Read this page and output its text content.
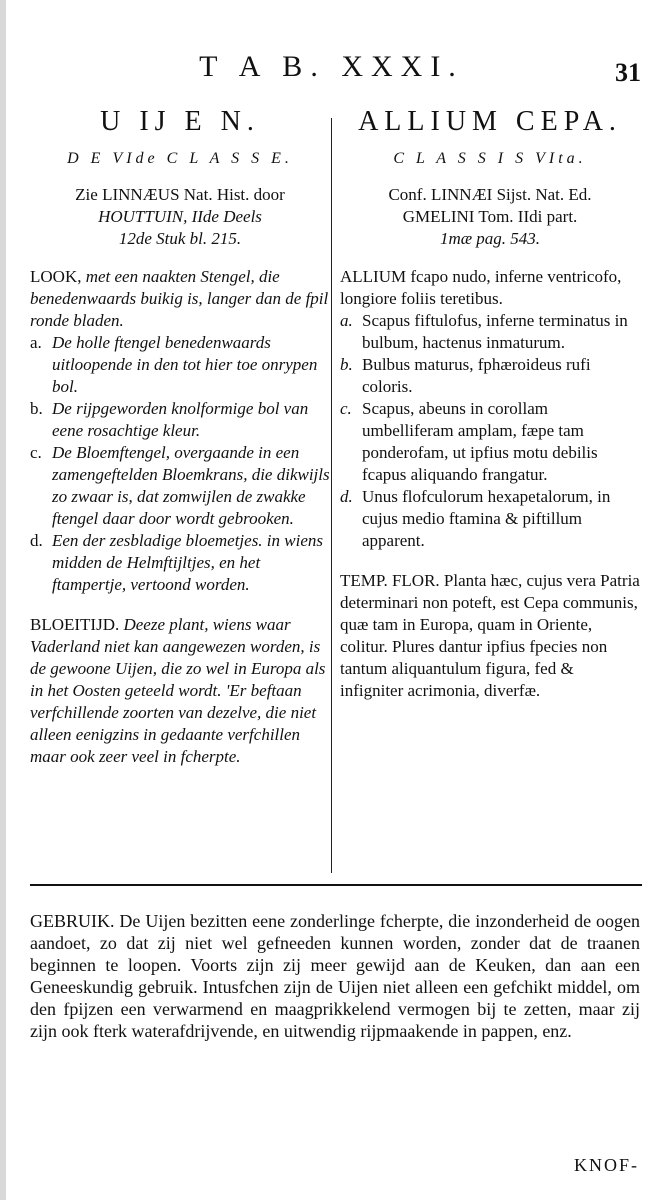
T A B. XXXI.	31
U IJ E N.
D E VIde C L A S S E.
Zie LINNÆUS Nat. Hist. door
HOUTTUIN, IIde Deels
12de Stuk bl. 215.
LOOK, met een naakten Stengel, die benedenwaards buikig is, langer dan de fpil ronde bladen.
a. De holle ftengel benedenwaards uitloopende in den tot hier toe onrypen bol.
b. De rijpgeworden knolformige bol van eene rosachtige kleur.
c. De Bloemftengel, overgaande in een zamengeftelden Bloemkrans, die dikwijls zo zwaar is, dat zomwijlen de zwakke ftengel daar door wordt gebrooken.
d. Een der zesbladige bloemetjes. in wiens midden de Helmftijltjes, en het ftampertje, vertoond worden.
BLOEITIJD. Deeze plant, wiens waar Vaderland niet kan aangewezen worden, is de gewoone Uijen, die zo wel in Europa als in het Oosten geteeld wordt. 'Er beftaan verfchillende zoorten van dezelve, die niet alleen eenigzins in gedaante verfchillen maar ook zeer veel in fcherpte.
ALLIUM CEPA.
C L A S S I S VIta.
Conf. LINNÆI Sijst. Nat. Ed.
GMELINI Tom. IIdi part.
1mæ pag. 543.
ALLIUM fcapo nudo, inferne ventricofo, longiore foliis teretibus.
a. Scapus fiftulofus, inferne terminatus in bulbum, hactenus inmaturum.
b. Bulbus maturus, fphæroideus rufi coloris.
c. Scapus, abeuns in corollam umbelliferam amplam, fæpe tam ponderofam, ut ipfius motu debilis fcapus aliquando frangatur.
d. Unus flofculorum hexapetalorum, in cujus medio ftamina & piftillum apparent.
TEMP. FLOR. Planta hæc, cujus vera Patria determinari non poteft, est Cepa communis, quæ tam in Europa, quam in Oriente, colitur. Plures dantur ipfius fpecies non tantum aliquantulum figura, fed & infigniter acrimonia, diverfæ.
GEBRUIK. De Uijen bezitten eene zonderlinge fcherpte, die inzonderheid de oogen aandoet, zo dat zij niet wel gefneeden kunnen worden, zonder dat de traanen beginnen te loopen. Voorts zijn zij meer gewijd aan de Keuken, dan aan een Geneeskundig gebruik. Intusfchen zijn de Uijen niet alleen een gefchikt middel, om den fpijzen een verwarmend en maagprikkelend vermogen bij te zetten, maar zij zijn ook fterk waterafdrijvende, en uitwendig rijpmaakende in pappen, enz.
KNOF-
